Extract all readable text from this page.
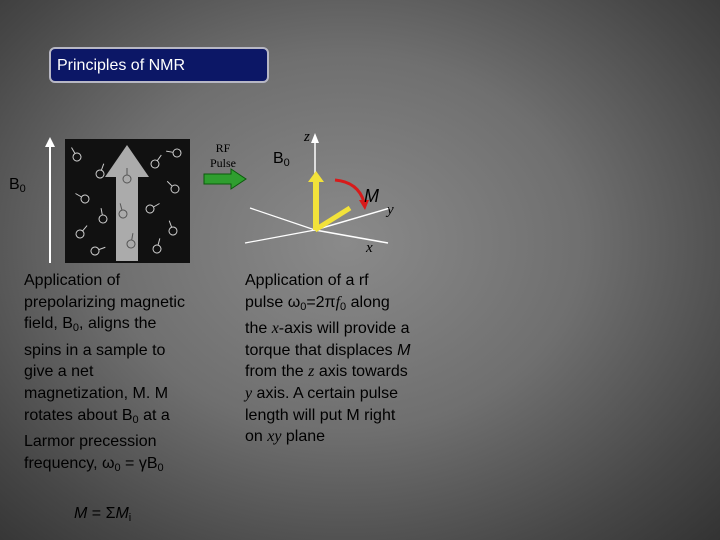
Principles of NMR
$B_0$
RF
Pulse	$B_0$
z
y
x
M
Application of
prepolarizing magnetic
field, $B_0$, aligns the
spins in a sample to
give a net
magnetization, M. M
rotates about $B_0$ at a
Larmor precession
frequency, $\omega_0 = \gamma B_0$
Application of a rf
pulse $\omega_0=2\pi f_0$ along
the x-axis will provide a
torque that displaces M
from the z axis towards
y axis. A certain pulse
length will put M right
on xy plane
$M = \Sigma M_i$
